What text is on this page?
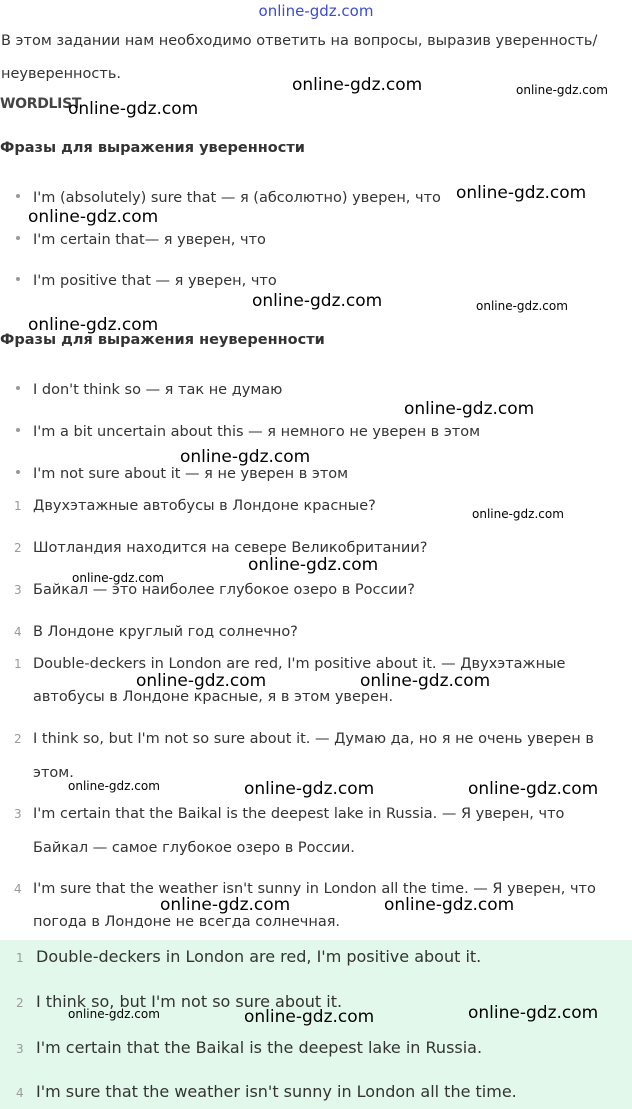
online-gdz.com
В этом задании нам необходимо ответить на вопросы, выразив уверенность/
неуверенность.
WORDLIST
Фразы для выражения уверенности
I'm (absolutely) sure that — я (абсолютно) уверен, что
I'm certain that— я уверен, что
I'm positive that — я уверен, что
Фразы для выражения неуверенности
I don't think so — я так не думаю
I'm a bit uncertain about this — я немного не уверен в этом
I'm not sure about it — я не уверен в этом
1 Двухэтажные автобусы в Лондоне красные?
2 Шотландия находится на севере Великобритании?
3 Байкал — это наиболее глубокое озеро в России?
4 В Лондоне круглый год солнечно?
1 Double-deckers in London are red, I'm positive about it. — Двухэтажные
автобусы в Лондоне красные, я в этом уверен.
2 I think so, but I'm not so sure about it. — Думаю да, но я не очень уверен в
этом.
3 I'm certain that the Baikal is the deepest lake in Russia. — Я уверен, что
Байкал — самое глубокое озеро в России.
4 I'm sure that the weather isn't sunny in London all the time. — Я уверен, что
погода в Лондоне не всегда солнечная.
1 Double-deckers in London are red, I'm positive about it.
2 I think so, but I'm not so sure about it.
3 I'm certain that the Baikal is the deepest lake in Russia.
4 I'm sure that the weather isn't sunny in London all the time.
online-gdz.com	online-gdz.com
online-gdz.com
online-gdz.com
online-gdz.com
online-gdz.com	online-gdz.com
online-gdz.com
online-gdz.com
online-gdz.com
online-gdz.com
online-gdz.com
online-gdz.com
online-gdz.com	online-gdz.com
online-gdz.com	online-gdz.com	online-gdz.com
online-gdz.com	online-gdz.com
online-gdz.com	online-gdz.com	online-gdz.com
